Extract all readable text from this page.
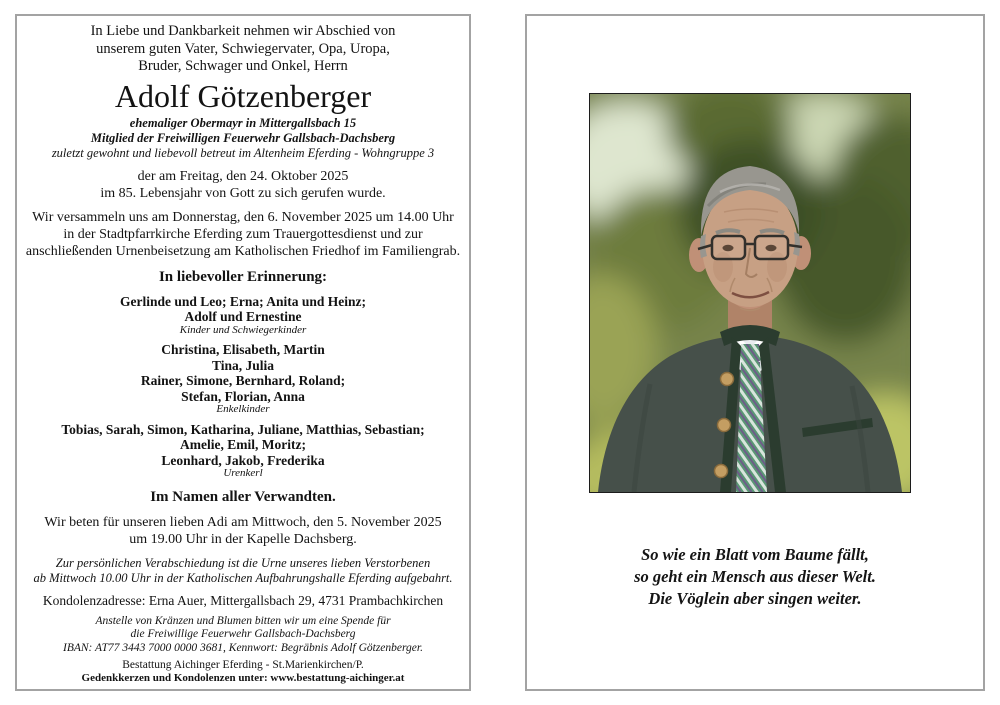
In Liebe und Dankbarkeit nehmen wir Abschied von
unserem guten Vater, Schwiegervater, Opa, Uropa,
Bruder, Schwager und Onkel, Herrn
Adolf Götzenberger
ehemaliger Obermayr in Mittergallsbach 15
Mitglied der Freiwilligen Feuerwehr Gallsbach-Dachsberg
zuletzt gewohnt und liebevoll betreut im Altenheim Eferding - Wohngruppe 3
der am Freitag, den 24. Oktober 2025
im 85. Lebensjahr von Gott zu sich gerufen wurde.
Wir versammeln uns am Donnerstag, den 6. November 2025 um 14.00 Uhr
in der Stadtpfarrkirche Eferding zum Trauergottesdienst und zur
anschließenden Urnenbeisetzung am Katholischen Friedhof im Familiengrab.
In liebevoller Erinnerung:
Gerlinde und Leo; Erna; Anita und Heinz;
Adolf und Ernestine
Kinder und Schwiegerkinder
Christina, Elisabeth, Martin
Tina, Julia
Rainer, Simone, Bernhard, Roland;
Stefan, Florian, Anna
Enkelkinder
Tobias, Sarah, Simon, Katharina, Juliane, Matthias, Sebastian;
Amelie, Emil, Moritz;
Leonhard, Jakob, Frederika
Urenkerl
Im Namen aller Verwandten.
Wir beten für unseren lieben Adi am Mittwoch, den 5. November 2025
um 19.00 Uhr in der Kapelle Dachsberg.
Zur persönlichen Verabschiedung ist die Urne unseres lieben Verstorbenen
ab Mittwoch 10.00 Uhr in der Katholischen Aufbahrungshalle Eferding aufgebahrt.
Kondolenzadresse: Erna Auer, Mittergallsbach 29, 4731 Prambachkirchen
Anstelle von Kränzen und Blumen bitten wir um eine Spende für
die Freiwillige Feuerwehr Gallsbach-Dachsberg
IBAN: AT77 3443 7000 0000 3681, Kennwort: Begräbnis Adolf Götzenberger.
Bestattung Aichinger Eferding - St.Marienkirchen/P.
Gedenkkerzen und Kondolenzen unter: www.bestattung-aichinger.at
So wie ein Blatt vom Baume fällt,
so geht ein Mensch aus dieser Welt.
Die Vöglein aber singen weiter.
